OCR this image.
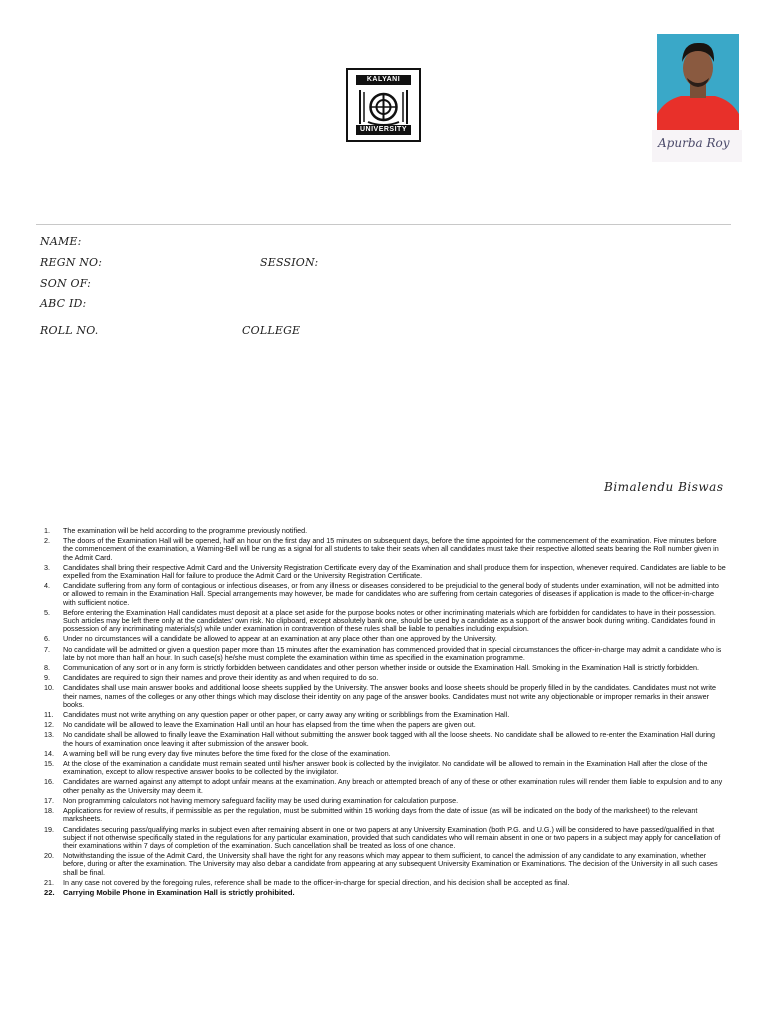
KALYANI
UNIVERSITY
Apurba Roy
NAME:
REGN NO:	SESSION:
SON OF:
ABC ID:
ROLL NO.	COLLEGE
Bimalendu Biswas
1.	The examination will be held according to the programme previously notified.
2.	The doors of the Examination Hall will be opened, half an hour on the first day and 15 minutes on subsequent days, before the time appointed for the commencement of the examination. Five minutes before the commencement of the examination, a Warning-Bell will be rung as a signal for all students to take their seats when all candidates must take their respective allotted seats bearing the Roll number given in the Admit Card.
3.	Candidates shall bring their respective Admit Card and the University Registration Certificate every day of the Examination and shall produce them for inspection, whenever required. Candidates are liable to be expelled from the Examination Hall for failure to produce the Admit Card or the University Registration Certificate.
4.	Candidate suffering from any form of contagious or infectious diseases, or from any illness or diseases considered to be prejudicial to the general body of students under examination, will not be admitted into or allowed to remain in the Examination Hall. Special arrangements may however, be made for candidates who are suffering from certain categories of diseases if application is made to the officer-in-charge with sufficient notice.
5.	Before entering the Examination Hall candidates must deposit at a place set aside for the purpose books notes or other incriminating materials which are forbidden for candidates to have in their possession. Such articles may be left there only at the candidates' own risk. No clipboard, except absolutely bank one, should be used by a candidate as a support of the answer book during writing. Candidates found in possession of any incriminating materials(s) while under examination in contravention of these rules shall be liable to penalties including expulsion.
6.	Under no circumstances will a candidate be allowed to appear at an examination at any place other than one approved by the University.
7.	No candidate will be admitted or given a question paper more than 15 minutes after the examination has commenced provided that in special circumstances the officer-in-charge may admit a candidate who is late by not more than half an hour. In such case(s) he/she must complete the examination within time as specified in the examination programme.
8.	Communication of any sort or in any form is strictly forbidden between candidates and other person whether inside or outside the Examination Hall. Smoking in the Examination Hall is strictly forbidden.
9.	Candidates are required to sign their names and prove their identity as and when required to do so.
10.	Candidates shall use main answer books and additional loose sheets supplied by the University. The answer books and loose sheets should be properly filled in by the candidates. Candidates must not write their names, names of the colleges or any other things which may disclose their identity on any page of the answer books. Candidates must not write any objectionable or improper remarks in their answer books.
11.	Candidates must not write anything on any question paper or other paper, or carry away any writing or scribblings from the Examination Hall.
12.	No candidate will be allowed to leave the Examination Hall until an hour has elapsed from the time when the papers are given out.
13.	No candidate shall be allowed to finally leave the Examination Hall without submitting the answer book tagged with all the loose sheets. No candidate shall be allowed to re-enter the Examination Hall during the hours of examination once leaving it after submission of the answer book.
14.	A warning bell will be rung every day five minutes before the time fixed for the close of the examination.
15.	At the close of the examination a candidate must remain seated until his/her answer book is collected by the invigilator. No candidate will be allowed to remain in the Examination Hall after the close of the examination, except to allow respective answer books to be collected by the invigilator.
16.	Candidates are warned against any attempt to adopt unfair means at the examination. Any breach or attempted breach of any of these or other examination rules will render them liable to expulsion and to any other penalty as the University may deem it.
17.	Non programming calculators not having memory safeguard facility may be used during examination for calculation purpose.
18.	Applications for review of results, if permissible as per the regulation, must be submitted within 15 working days from the date of issue (as will be indicated on the body of the marksheet) to the relevant marksheets.
19.	Candidates securing pass/qualifying marks in subject even after remaining absent in one or two papers at any University Examination (both P.G. and U.G.) will be considered to have passed/qualified in that subject if not otherwise specifically stated in the regulations for any particular examination, provided that such candidates who will remain absent in one or two papers in a subject may apply for cancellation of their examinations within 7 days of completion of the examination. Such cancellation shall be treated as loss of one chance.
20.	Notwithstanding the issue of the Admit Card, the University shall have the right for any reasons which may appear to them sufficient, to cancel the admission of any candidate to any examination, whether before, during or after the examination. The University may also debar a candidate from appearing at any subsequent University Examination or Examinations. The decision of the University in all such cases shall be final.
21.	In any case not covered by the foregoing rules, reference shall be made to the officer-in-charge for special direction, and his decision shall be accepted as final.
22.	Carrying Mobile Phone in Examination Hall is strictly prohibited.
